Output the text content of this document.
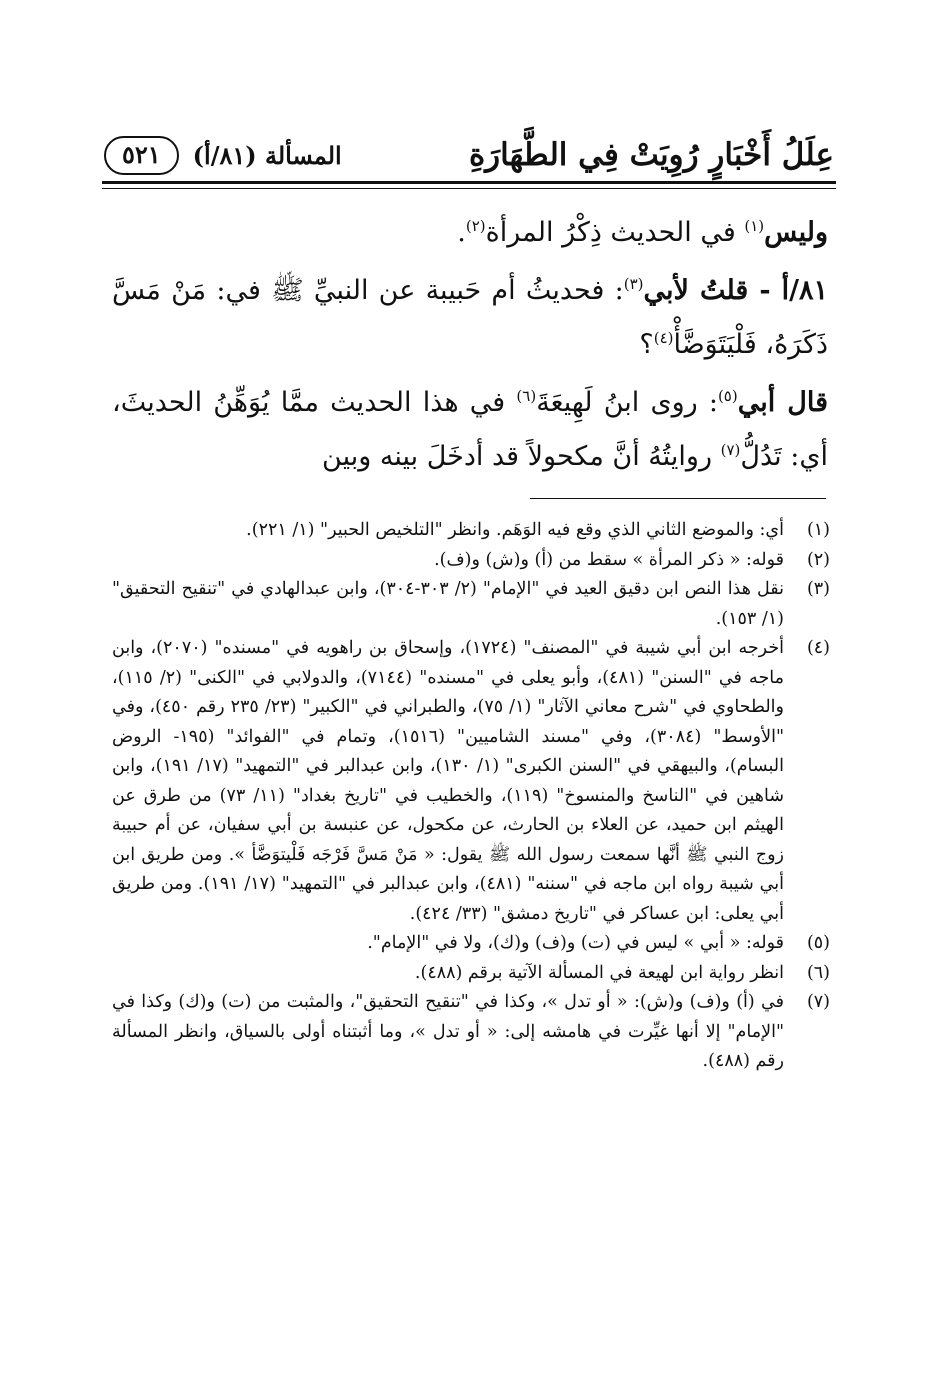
عِلَلُ أَخْبَارٍ رُوِيَتْ فِي الطَّهَارَةِ
المسألة (٨١/أ)
٥٢١

وليس$^{(١)}$ في الحديث ذِكْرُ المرأة$^{(٢)}$.

٨١/أ - قلتُ لأبي$^{(٣)}$: فحديثُ أم حَبيبة عن النبيِّ ﷺ في: مَنْ مَسَّ ذَكَرَهُ، فَلْيَتَوَضَّأْ$^{(٤)}$؟

قال أبي$^{(٥)}$: روى ابنُ لَهِيعَةَ$^{(٦)}$ في هذا الحديث ممَّا يُوَهِّنُ الحديثَ، أي: تَدُلُّ$^{(٧)}$ روايتُهُ أنَّ مكحولاً قد أدخَلَ بينه وبين

(١)
أي: والموضع الثاني الذي وقع فيه الوَهَم. وانظر "التلخيص الحبير" (١/ ٢٢١).
(٢)
قوله: « ذكر المرأة » سقط من (أ) و(ش) و(ف).
(٣)
نقل هذا النص ابن دقيق العيد في "الإمام" (٢/ ٣٠٣-٣٠٤)، وابن عبدالهادي في "تنقيح التحقيق" (١/ ١٥٣).
(٤)
أخرجه ابن أبي شيبة في "المصنف" (١٧٢٤)، وإسحاق بن راهويه في "مسنده" (٢٠٧٠)، وابن ماجه في "السنن" (٤٨١)، وأبو يعلى في "مسنده" (٧١٤٤)، والدولابي في "الكنى" (٢/ ١١٥)، والطحاوي في "شرح معاني الآثار" (١/ ٧٥)، والطبراني في "الكبير" (٢٣/ ٢٣٥ رقم ٤٥٠)، وفي "الأوسط" (٣٠٨٤)، وفي "مسند الشاميين" (١٥١٦)، وتمام في "الفوائد" (١٩٥- الروض البسام)، والبيهقي في "السنن الكبرى" (١/ ١٣٠)، وابن عبدالبر في "التمهيد" (١٧/ ١٩١)، وابن شاهين في "الناسخ والمنسوخ" (١١٩)، والخطيب في "تاريخ بغداد" (١١/ ٧٣) من طرق عن الهيثم ابن حميد، عن العلاء بن الحارث، عن مكحول، عن عنبسة بن أبي سفيان، عن أم حبيبة زوج النبي ﷺ أنَّها سمعت رسول الله ﷺ يقول: « مَنْ مَسَّ فَرْجَه فَلْيتوَضَّأ ». ومن طريق ابن أبي شيبة رواه ابن ماجه في "سننه" (٤٨١)، وابن عبدالبر في "التمهيد" (١٧/ ١٩١). ومن طريق أبي يعلى: ابن عساكر في "تاريخ دمشق" (٣٣/ ٤٢٤).
(٥)
قوله: « أبي » ليس في (ت) و(ف) و(ك)، ولا في "الإمام".
(٦)
انظر رواية ابن لهيعة في المسألة الآتية برقم (٤٨٨).
(٧)
في (أ) و(ف) و(ش): « أو تدل »، وكذا في "تنقيح التحقيق"، والمثبت من (ت) و(ك) وكذا في "الإمام" إلا أنها غيِّرت في هامشه إلى: « أو تدل »، وما أثبتناه أولى بالسياق، وانظر المسألة رقم (٤٨٨).
